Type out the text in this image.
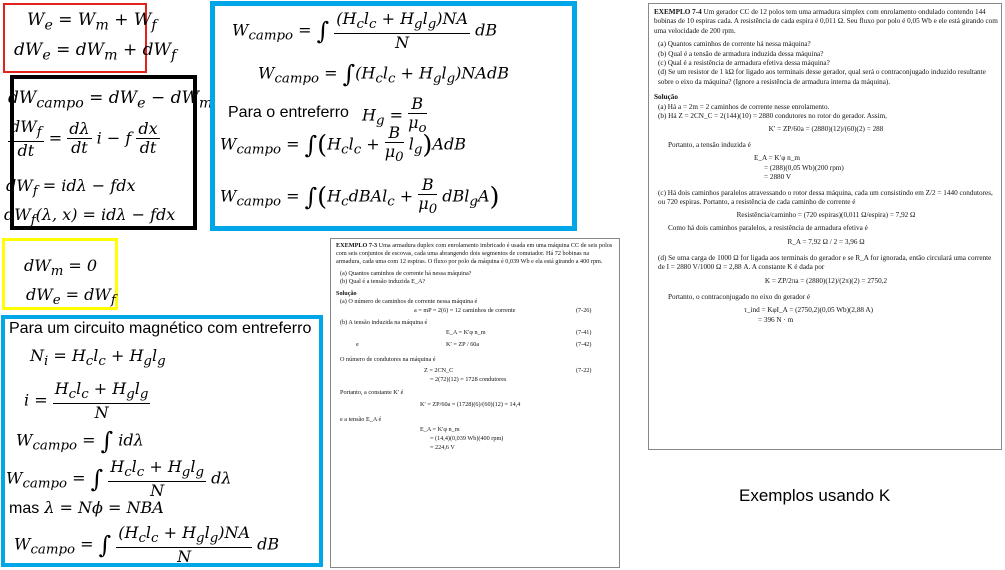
$W_e = W_m + W_f$
$dW_e = dW_m + dW_f$
$dW_{campo} = dW_e - dW_m$
$\frac{dW_f}{dt} = \frac{d\lambda}{dt}$ i − f $\frac{dx}{dt}$
$dW_f = id\lambda$ − fdx
$dW_f(\lambda$, x) = idλ − fdx
$dW_m = 0$
$dW_e = dW_f$
Para um circuito magnético com entreferro
$N_i = H_cl_c + H_gl_g$
$i = \frac{H_cl_c + H_gl_g}{N}$
$W_{campo}$ = ∫ idλ
$W_{campo}$ = ∫ $\frac{H_cl_c + H_gl_g}{N}$ dλ
mas λ = Nϕ = NBA
$W_{campo}$ = ∫ $\frac{(H_cl_c + H_gl_g)NA}{N}$ dB
$W_{campo}$ = ∫ $\frac{(H_cl_c + H_gl_g)NA}{N}$ dB
$W_{campo} = \int(H_cl_c$ + $H_gl_g)NAdB$
Para o entreferro $H_g = \frac{B}{\mu_o}$
$W_{campo} = \int(H_cl_c + \frac{B}{\mu_0} l_g)AdB$
$W_{campo}$ = $\int(H_cdBAl_c + \frac{B}{\mu_0} dBl_gA)$

EXEMPLO 7-3 Uma armadura duplex com enrolamento imbricado é usada em uma máquina CC de seis polos com seis conjuntos de escovas, cada uma abrangendo dois segmentos de comutador. Há 72 bobinas na armadura, cada uma com 12 espiras. O fluxo por polo da máquina é 0,039 Wb e ela está girando a 400 rpm.

(a) Quantos caminhos de corrente há nessa máquina?

(b) Qual é a tensão induzida E_A?

Solução

(a) O número de caminhos de corrente nessa máquina é

a = mP = 2(6) = 12 caminhos de corrente	(7-26)

(b) A tensão induzida na máquina é

E_A = K′φ n_m	(7-41)
e	K′ = ZP / 60a	(7-42)

O número de condutores na máquina é

Z = 2CN_C	(7-22)
= 2(72)(12) = 1728 condutores

Portanto, a constante K′ é

K′ = ZP/60a = (1728)(6)/(60)(12) = 14,4

e a tensão E_A é

E_A = K′φ n_m
= (14,4)(0,039 Wb)(400 rpm)
= 224,6 V

EXEMPLO 7-4 Um gerador CC de 12 polos tem uma armadura simplex com enrolamento ondulado contendo 144 bobinas de 10 espiras cada. A resistência de cada espira é 0,011 Ω. Seu fluxo por polo é 0,05 Wb e ele está girando com uma velocidade de 200 rpm.

(a) Quantos caminhos de corrente há nessa máquina?

(b) Qual é a tensão de armadura induzida dessa máquina?

(c) Qual é a resistência de armadura efetiva dessa máquina?

(d) Se um resistor de 1 kΩ for ligado aos terminais desse gerador, qual será o contraconjugado induzido resultante sobre o eixo da máquina? (Ignore a resistência de armadura interna da máquina).

Solução

(a) Há a = 2m = 2 caminhos de corrente nesse enrolamento.

(b) Há Z = 2CN_C = 2(144)(10) = 2880 condutores no rotor do gerador. Assim,

K′ = ZP/60a = (2880)(12)/(60)(2) = 288

Portanto, a tensão induzida é

E_A = K′φ n_m

= (288)(0,05 Wb)(200 rpm)

= 2880 V

(c) Há dois caminhos paralelos atravessando o rotor dessa máquina, cada um consistindo em Z/2 = 1440 condutores, ou 720 espiras. Portanto, a resistência de cada caminho de corrente é

Resistência/caminho = (720 espiras)(0,011 Ω/espira) = 7,92 Ω

Como há dois caminhos paralelos, a resistência de armadura efetiva é

R_A = 7,92 Ω / 2 = 3,96 Ω

(d) Se uma carga de 1000 Ω for ligada aos terminais do gerador e se R_A for ignorada, então circulará uma corrente de I = 2880 V/1000 Ω = 2,88 A. A constante K é dada por

K = ZP/2πa = (2880)(12)/(2π)(2) = 2750,2

Portanto, o contraconjugado no eixo do gerador é

τ_ind = KφI_A = (2750,2)(0,05 Wb)(2,88 A)

= 396 N · m

Exemplos usando K
